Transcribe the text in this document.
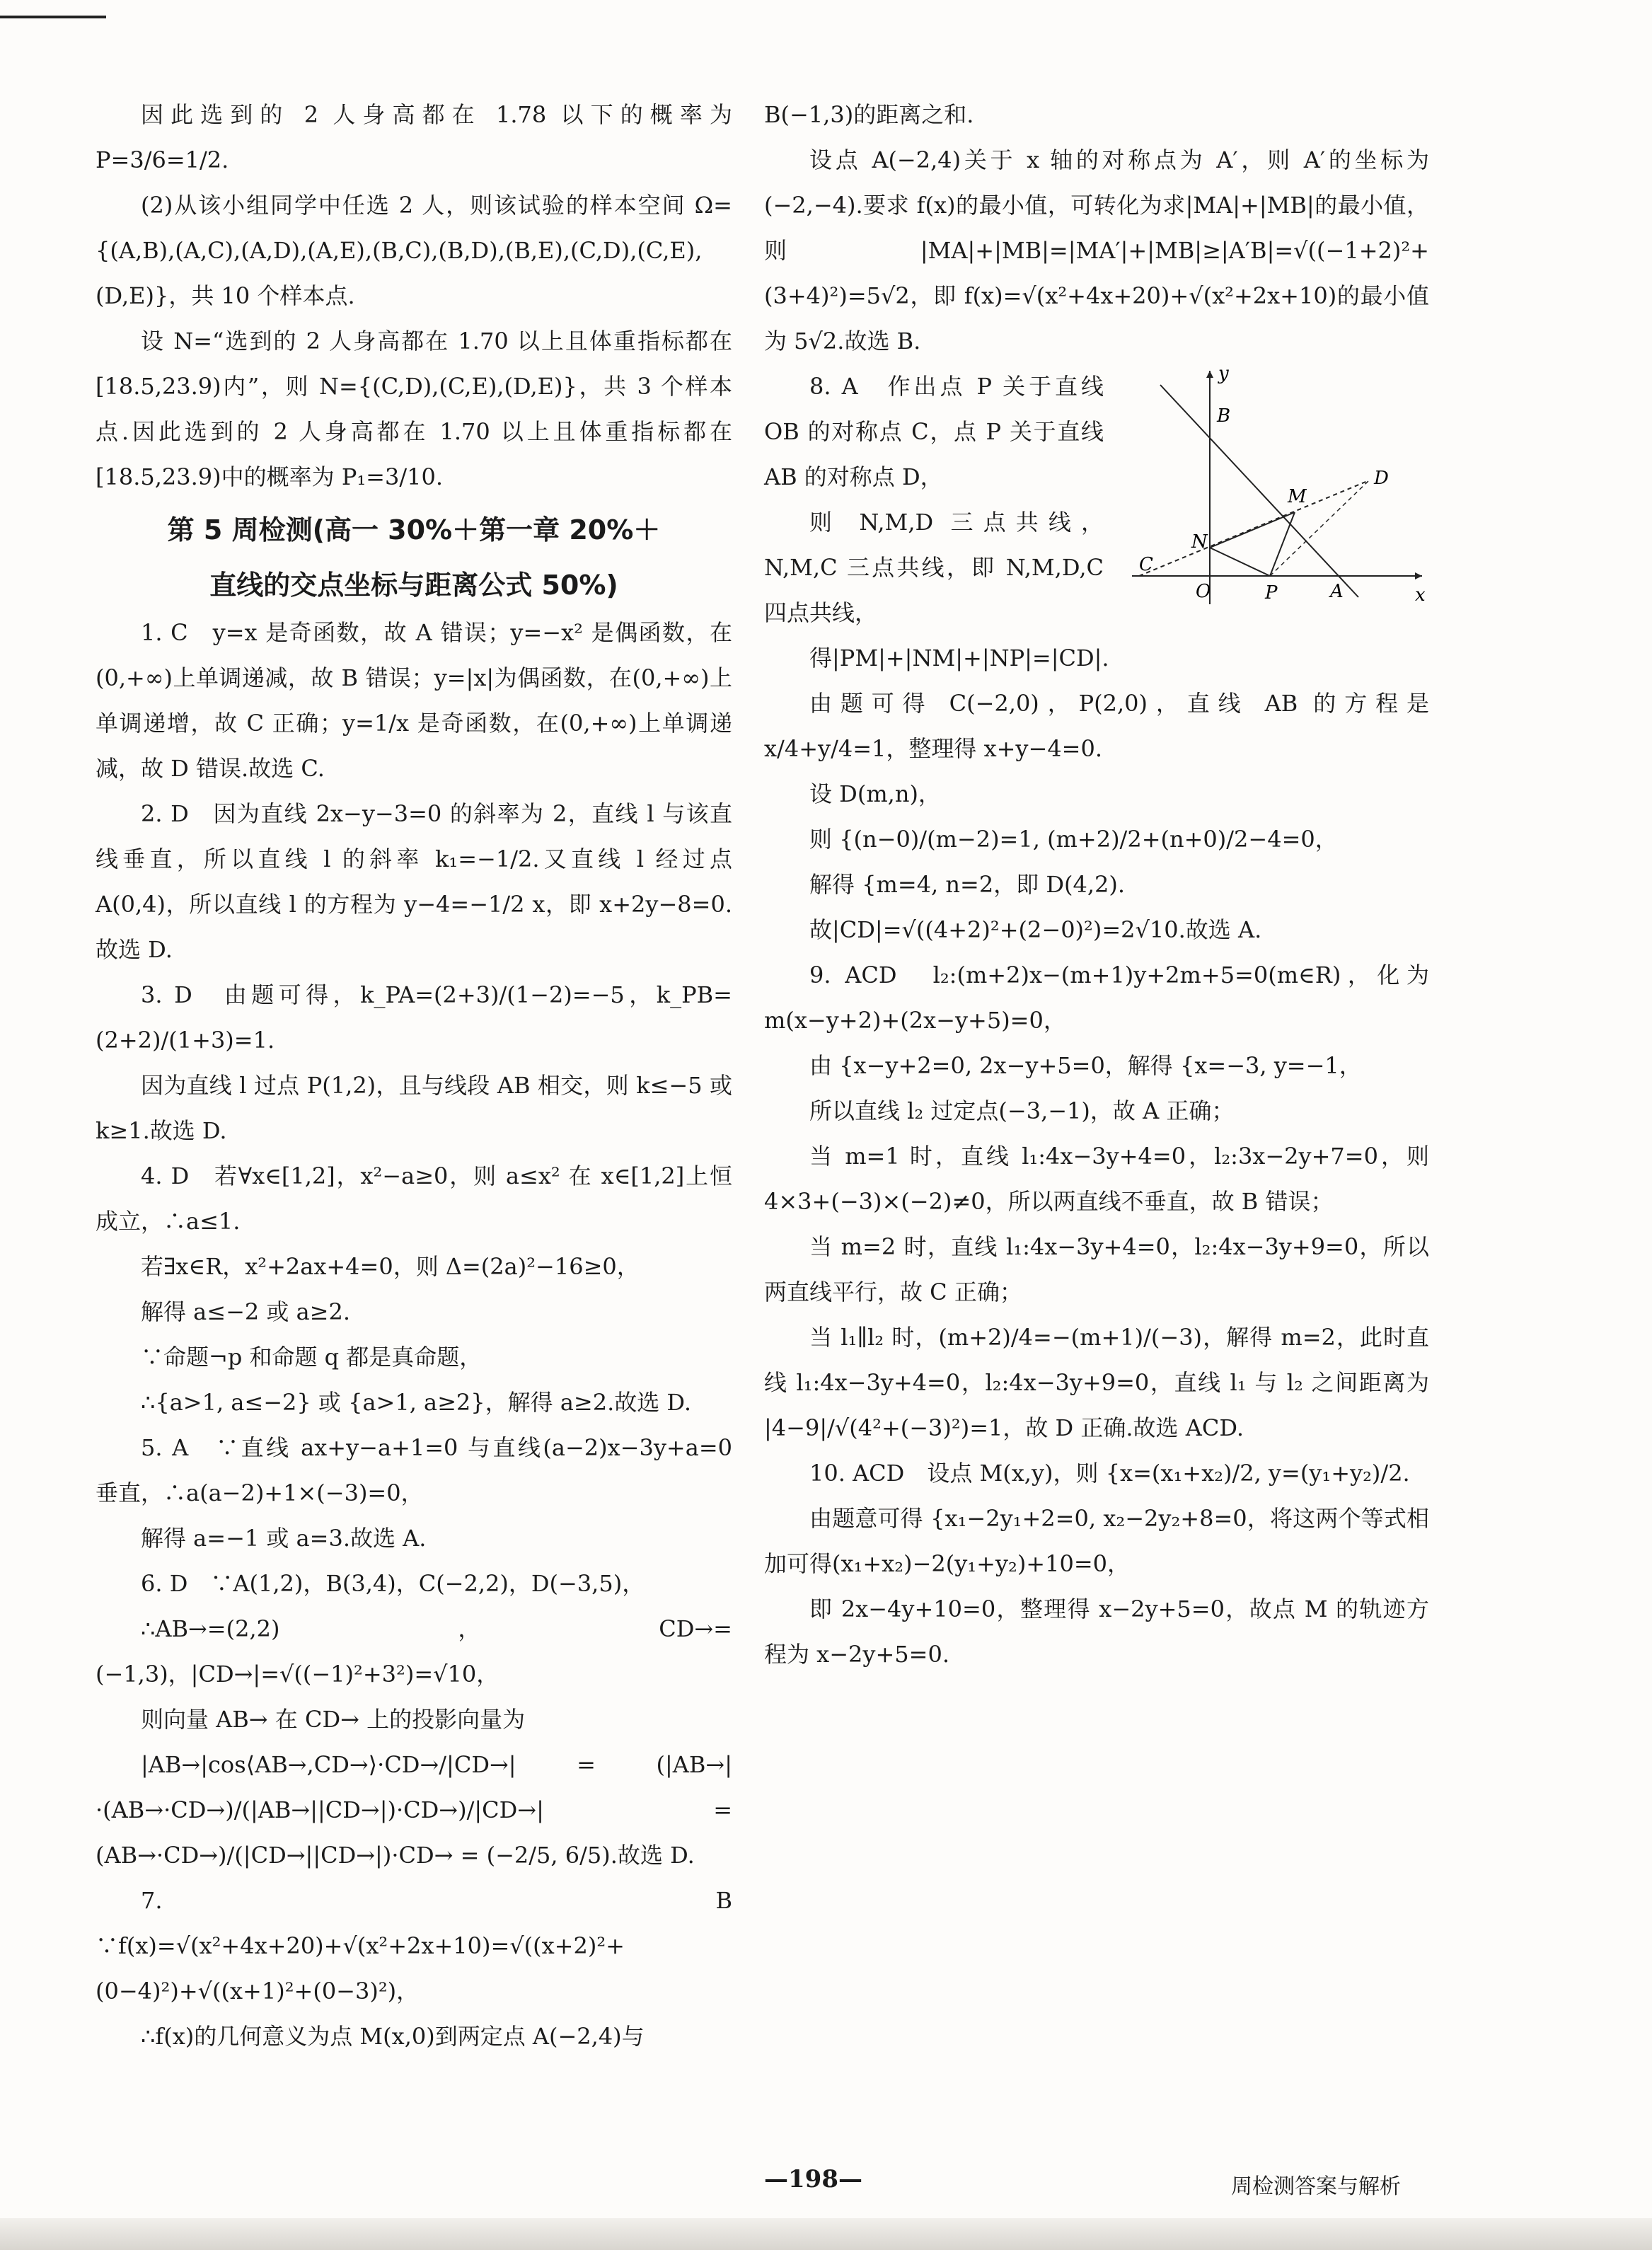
因此选到的 2 人身高都在 1.78 以下的概率为 P=3/6=1/2.

(2)从该小组同学中任选 2 人，则该试验的样本空间 Ω={(A,B),(A,C),(A,D),(A,E),(B,C),(B,D),(B,E),(C,D),(C,E),(D,E)}，共 10 个样本点.

设 N=“选到的 2 人身高都在 1.70 以上且体重指标都在[18.5,23.9)内”，则 N={(C,D),(C,E),(D,E)}，共 3 个样本点.因此选到的 2 人身高都在 1.70 以上且体重指标都在[18.5,23.9)中的概率为 P₁=3/10.

第 5 周检测(高一 30%＋第一章 20%＋
直线的交点坐标与距离公式 50%)

1. C　y=x 是奇函数，故 A 错误；y=−x² 是偶函数，在(0,+∞)上单调递减，故 B 错误；y=|x|为偶函数，在(0,+∞)上单调递增，故 C 正确；y=1/x 是奇函数，在(0,+∞)上单调递减，故 D 错误.故选 C.

2. D　因为直线 2x−y−3=0 的斜率为 2，直线 l 与该直线垂直，所以直线 l 的斜率 k₁=−1/2.又直线 l 经过点 A(0,4)，所以直线 l 的方程为 y−4=−1/2 x，即 x+2y−8=0.故选 D.

3. D　由题可得，k_PA=(2+3)/(1−2)=−5，k_PB=(2+2)/(1+3)=1.

因为直线 l 过点 P(1,2)，且与线段 AB 相交，则 k≤−5 或 k≥1.故选 D.

4. D　若∀x∈[1,2]，x²−a≥0，则 a≤x² 在 x∈[1,2]上恒成立，∴a≤1.

若∃x∈R，x²+2ax+4=0，则 Δ=(2a)²−16≥0，

解得 a≤−2 或 a≥2.

∵命题¬p 和命题 q 都是真命题，

∴{a>1, a≤−2} 或 {a>1, a≥2}，解得 a≥2.故选 D.

5. A　∵直线 ax+y−a+1=0 与直线(a−2)x−3y+a=0 垂直，∴a(a−2)+1×(−3)=0，

解得 a=−1 或 a=3.故选 A.

6. D　∵A(1,2)，B(3,4)，C(−2,2)，D(−3,5)，

∴AB→=(2,2)，CD→=(−1,3)，|CD→|=√((−1)²+3²)=√10，

则向量 AB→ 在 CD→ 上的投影向量为

|AB→|cos⟨AB→,CD→⟩·CD→/|CD→| = (|AB→|·(AB→·CD→)/(|AB→||CD→|)·CD→)/|CD→| = (AB→·CD→)/(|CD→||CD→|)·CD→ = (−2/5, 6/5).故选 D.

7. B　∵f(x)=√(x²+4x+20)+√(x²+2x+10)=√((x+2)²+(0−4)²)+√((x+1)²+(0−3)²)，

∴f(x)的几何意义为点 M(x,0)到两定点 A(−2,4)与

B(−1,3)的距离之和.

设点 A(−2,4)关于 x 轴的对称点为 A′，则 A′的坐标为(−2,−4).要求 f(x)的最小值，可转化为求|MA|+|MB|的最小值，则|MA|+|MB|=|MA′|+|MB|≥|A′B|=√((−1+2)²+(3+4)²)=5√2，即 f(x)=√(x²+4x+20)+√(x²+2x+10)的最小值为 5√2.故选 B.

y
x
B
M
D
N
C
O	P	A

8. A　作出点 P 关于直线 OB 的对称点 C，点 P 关于直线 AB 的对称点 D，

则 N,M,D 三点共线，N,M,C 三点共线，即 N,M,D,C 四点共线，

得|PM|+|NM|+|NP|=|CD|.

由题可得 C(−2,0)，P(2,0)，直线 AB 的方程是 x/4+y/4=1，整理得 x+y−4=0.

设 D(m,n)，

则 {(n−0)/(m−2)=1, (m+2)/2+(n+0)/2−4=0，

解得 {m=4, n=2，即 D(4,2).

故|CD|=√((4+2)²+(2−0)²)=2√10.故选 A.

9. ACD　l₂:(m+2)x−(m+1)y+2m+5=0(m∈R)，化为 m(x−y+2)+(2x−y+5)=0，

由 {x−y+2=0, 2x−y+5=0，解得 {x=−3, y=−1，

所以直线 l₂ 过定点(−3,−1)，故 A 正确；

当 m=1 时，直线 l₁:4x−3y+4=0，l₂:3x−2y+7=0，则 4×3+(−3)×(−2)≠0，所以两直线不垂直，故 B 错误；

当 m=2 时，直线 l₁:4x−3y+4=0，l₂:4x−3y+9=0，所以两直线平行，故 C 正确；

当 l₁∥l₂ 时，(m+2)/4=−(m+1)/(−3)，解得 m=2，此时直线 l₁:4x−3y+4=0，l₂:4x−3y+9=0，直线 l₁ 与 l₂ 之间距离为 |4−9|/√(4²+(−3)²)=1，故 D 正确.故选 ACD.

10. ACD　设点 M(x,y)，则 {x=(x₁+x₂)/2, y=(y₁+y₂)/2.

由题意可得 {x₁−2y₁+2=0, x₂−2y₂+8=0，将这两个等式相加可得(x₁+x₂)−2(y₁+y₂)+10=0，

即 2x−4y+10=0，整理得 x−2y+5=0，故点 M 的轨迹方程为 x−2y+5=0.

—198—	周检测答案与解析
